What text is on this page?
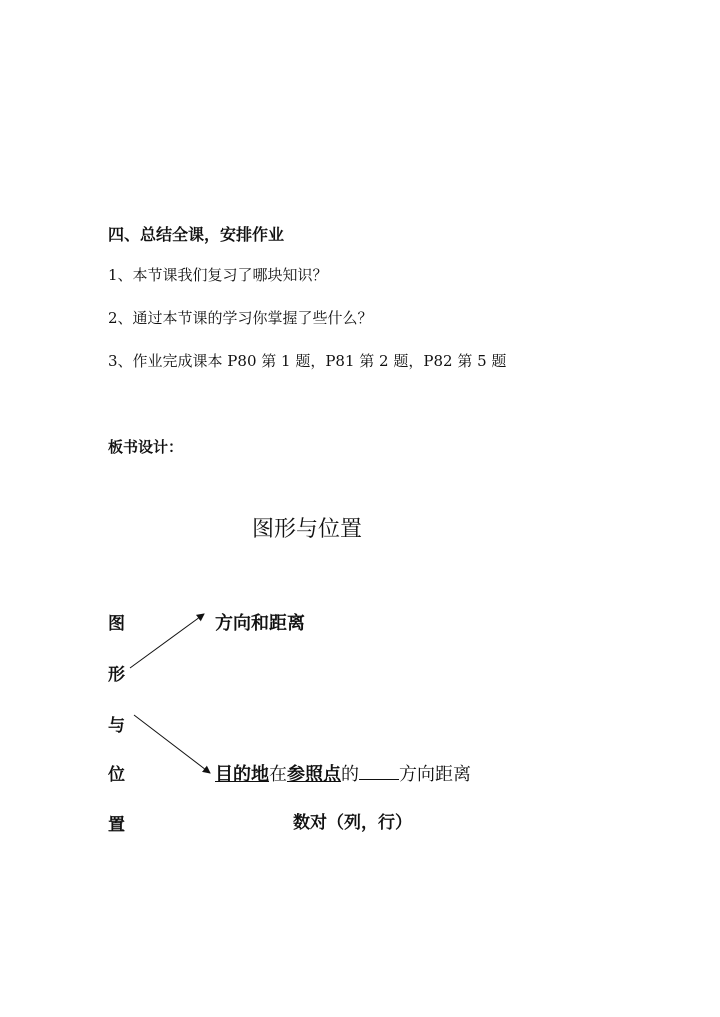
四、总结全课，安排作业
1、本节课我们复习了哪块知识？
2、通过本节课的学习你掌握了些什么？
3、作业完成课本 P80 第 1 题，P81 第 2 题，P82 第 5 题
板书设计：
图形与位置
图
形
与
位
置
方向和距离
目的地在参照点的 方向距离
数对（列，行）
